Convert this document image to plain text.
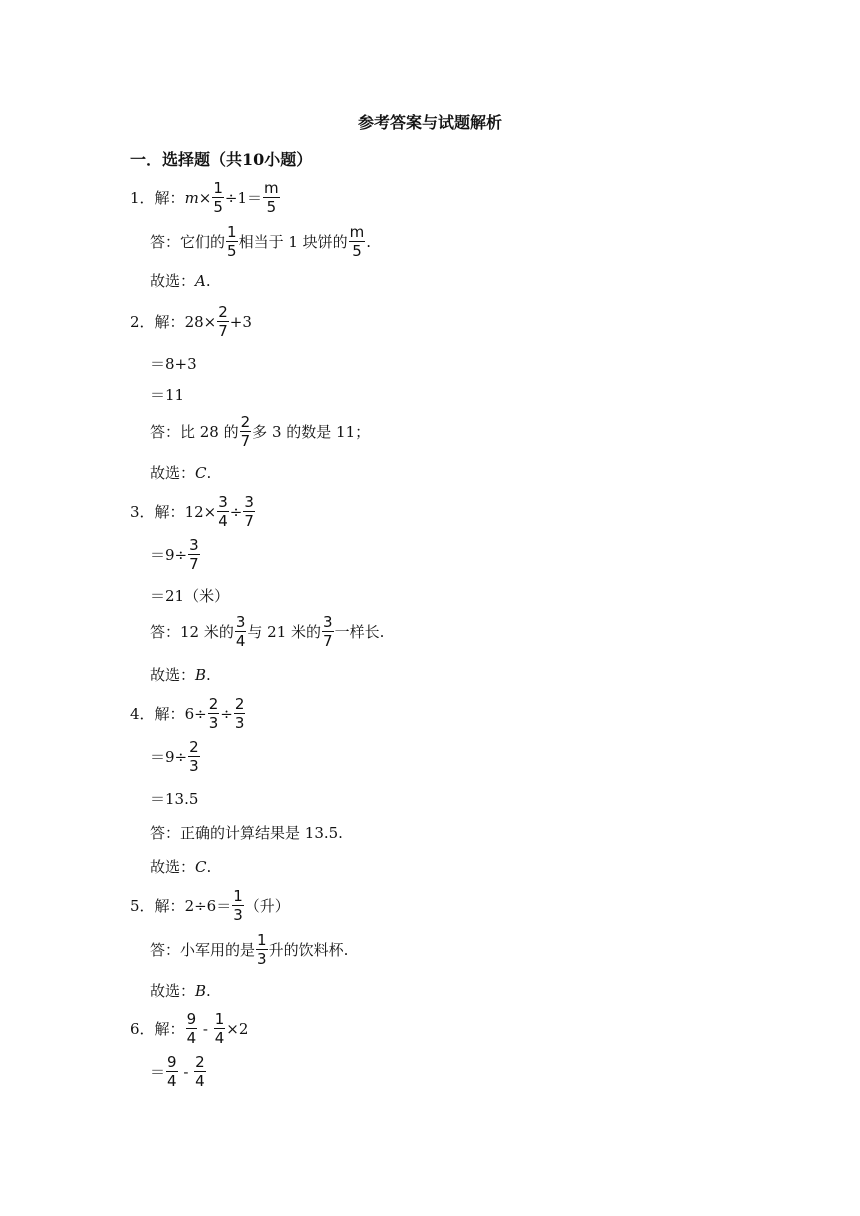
参考答案与试题解析
一．选择题（共10小题）
1． 解： $m \times \frac{1}{5} \div 1= \frac{m}{5}$
答：它们的 $\frac{1}{5}$ 相当于 1 块饼的 $\frac{m}{5}$ .
故选： A .
2． 解： $28\times \frac{2}{7} +3$
＝8+3
＝11
答：比 28 的 $\frac{2}{7}$ 多 3 的数是 11；
故选： C .
3． 解： $12\times \frac{3}{4} \div \frac{3}{7}$
$=9\div \frac{3}{7}$
＝21（米）
答：12 米的 $\frac{3}{4}$ 与 21 米的 $\frac{3}{7}$ 一样长.
故选： B .
4． 解： $6\div \frac{2}{3} \div \frac{2}{3}$
$=9\div \frac{2}{3}$
＝13.5
答：正确的计算结果是 13.5.
故选： C .
5． 解： $2\div 6= \frac{1}{3}$ （升）
答：小军用的是 $\frac{1}{3}$ 升的饮料杯.
故选： B .
6． 解： $\frac{9}{4} - \frac{1}{4} \times 2$
＝ $\frac{9}{4} - \frac{2}{4}$
